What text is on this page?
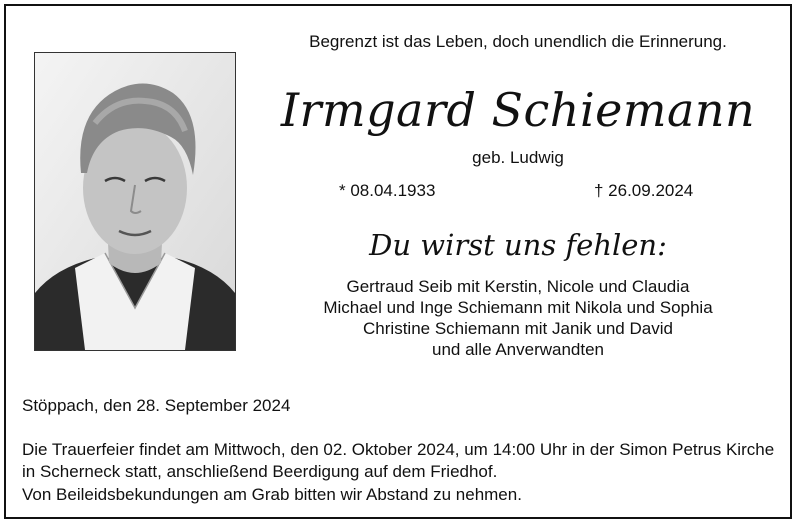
Begrenzt ist das Leben, doch unendlich die Erinnerung.
Irmgard Schiemann
geb. Ludwig
* 08.04.1933	† 26.09.2024
Du wirst uns fehlen:
Gertraud Seib mit Kerstin, Nicole und Claudia
Michael und Inge Schiemann mit Nikola und Sophia
Christine Schiemann mit Janik und David
und alle Anverwandten
Stöppach, den 28. September 2024
Die Trauerfeier findet am Mittwoch, den 02. Oktober 2024, um 14:00 Uhr in der Simon Petrus Kirche
in Scherneck statt, anschließend Beerdigung auf dem Friedhof.
Von Beileidsbekundungen am Grab bitten wir Abstand zu nehmen.
